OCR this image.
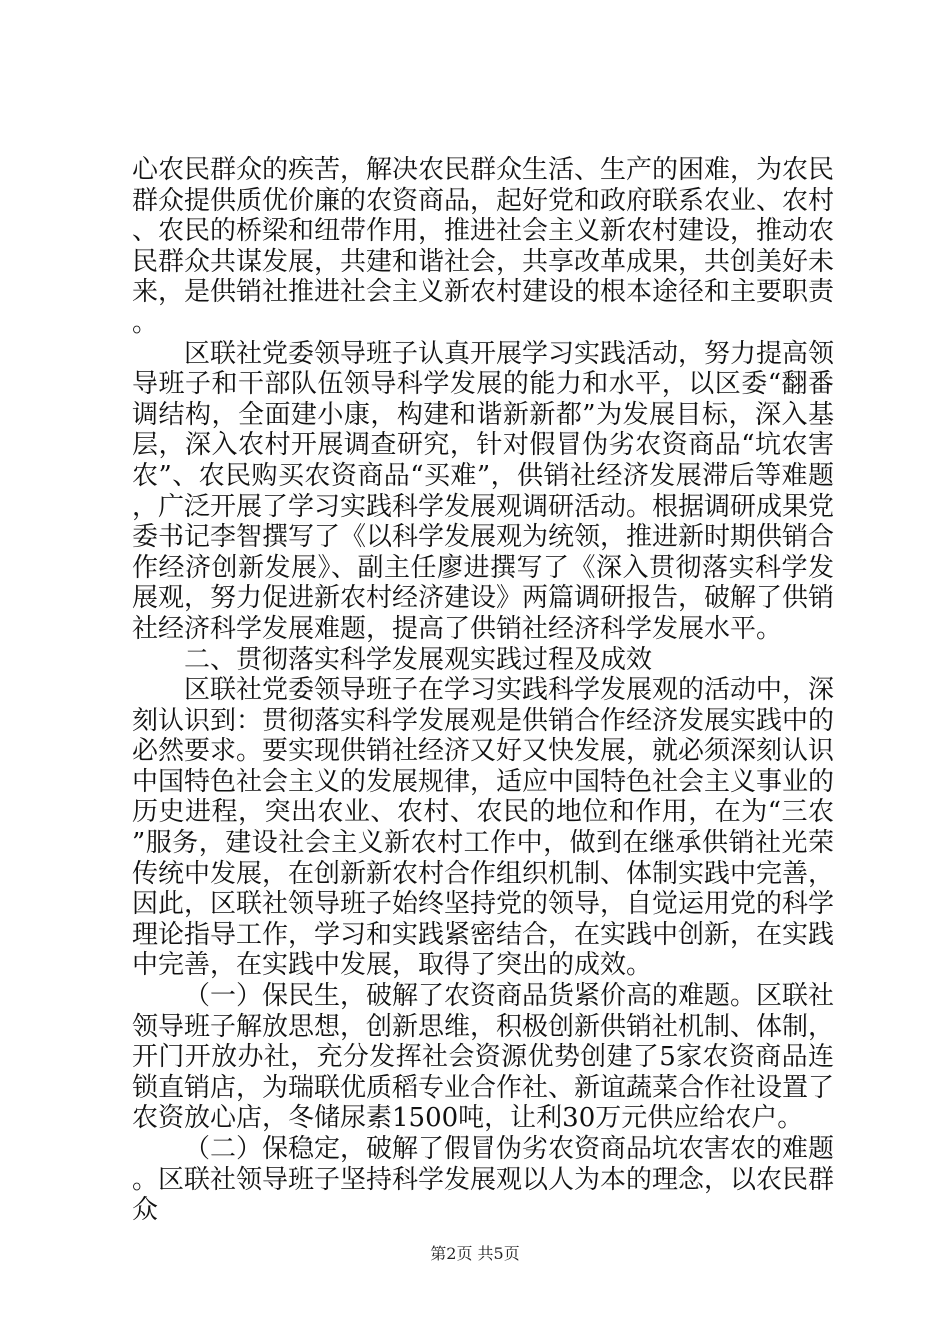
心农民群众的疾苦，解决农民群众生活、生产的困难，为农民群众提供质优价廉的农资商品，起好党和政府联系农业、农村、农民的桥梁和纽带作用，推进社会主义新农村建设，推动农民群众共谋发展，共建和谐社会，共享改革成果，共创美好未来，是供销社推进社会主义新农村建设的根本途径和主要职责。

区联社党委领导班子认真开展学习实践活动，努力提高领导班子和干部队伍领导科学发展的能力和水平，以区委“翻番调结构，全面建小康，构建和谐新新都”为发展目标，深入基层，深入农村开展调查研究，针对假冒伪劣农资商品“坑农害农”、农民购买农资商品“买难”，供销社经济发展滞后等难题，广泛开展了学习实践科学发展观调研活动。根据调研成果党委书记李智撰写了《以科学发展观为统领，推进新时期供销合作经济创新发展》、副主任廖进撰写了《深入贯彻落实科学发展观，努力促进新农村经济建设》两篇调研报告，破解了供销社经济科学发展难题，提高了供销社经济科学发展水平。

二、贯彻落实科学发展观实践过程及成效

区联社党委领导班子在学习实践科学发展观的活动中，深刻认识到：贯彻落实科学发展观是供销合作经济发展实践中的必然要求。要实现供销社经济又好又快发展，就必须深刻认识中国特色社会主义的发展规律，适应中国特色社会主义事业的历史进程，突出农业、农村、农民的地位和作用，在为“三农”服务，建设社会主义新农村工作中，做到在继承供销社光荣传统中发展，在创新新农村合作组织机制、体制实践中完善，因此，区联社领导班子始终坚持党的领导，自觉运用党的科学理论指导工作，学习和实践紧密结合，在实践中创新，在实践中完善，在实践中发展，取得了突出的成效。

（一）保民生，破解了农资商品货紧价高的难题。区联社领导班子解放思想，创新思维，积极创新供销社机制、体制，开门开放办社，充分发挥社会资源优势创建了5家农资商品连锁直销店，为瑞联优质稻专业合作社、新谊蔬菜合作社设置了农资放心店，冬储尿素1500吨，让利30万元供应给农户。

（二）保稳定，破解了假冒伪劣农资商品坑农害农的难题。区联社领导班子坚持科学发展观以人为本的理念，以农民群众

第2页 共5页
